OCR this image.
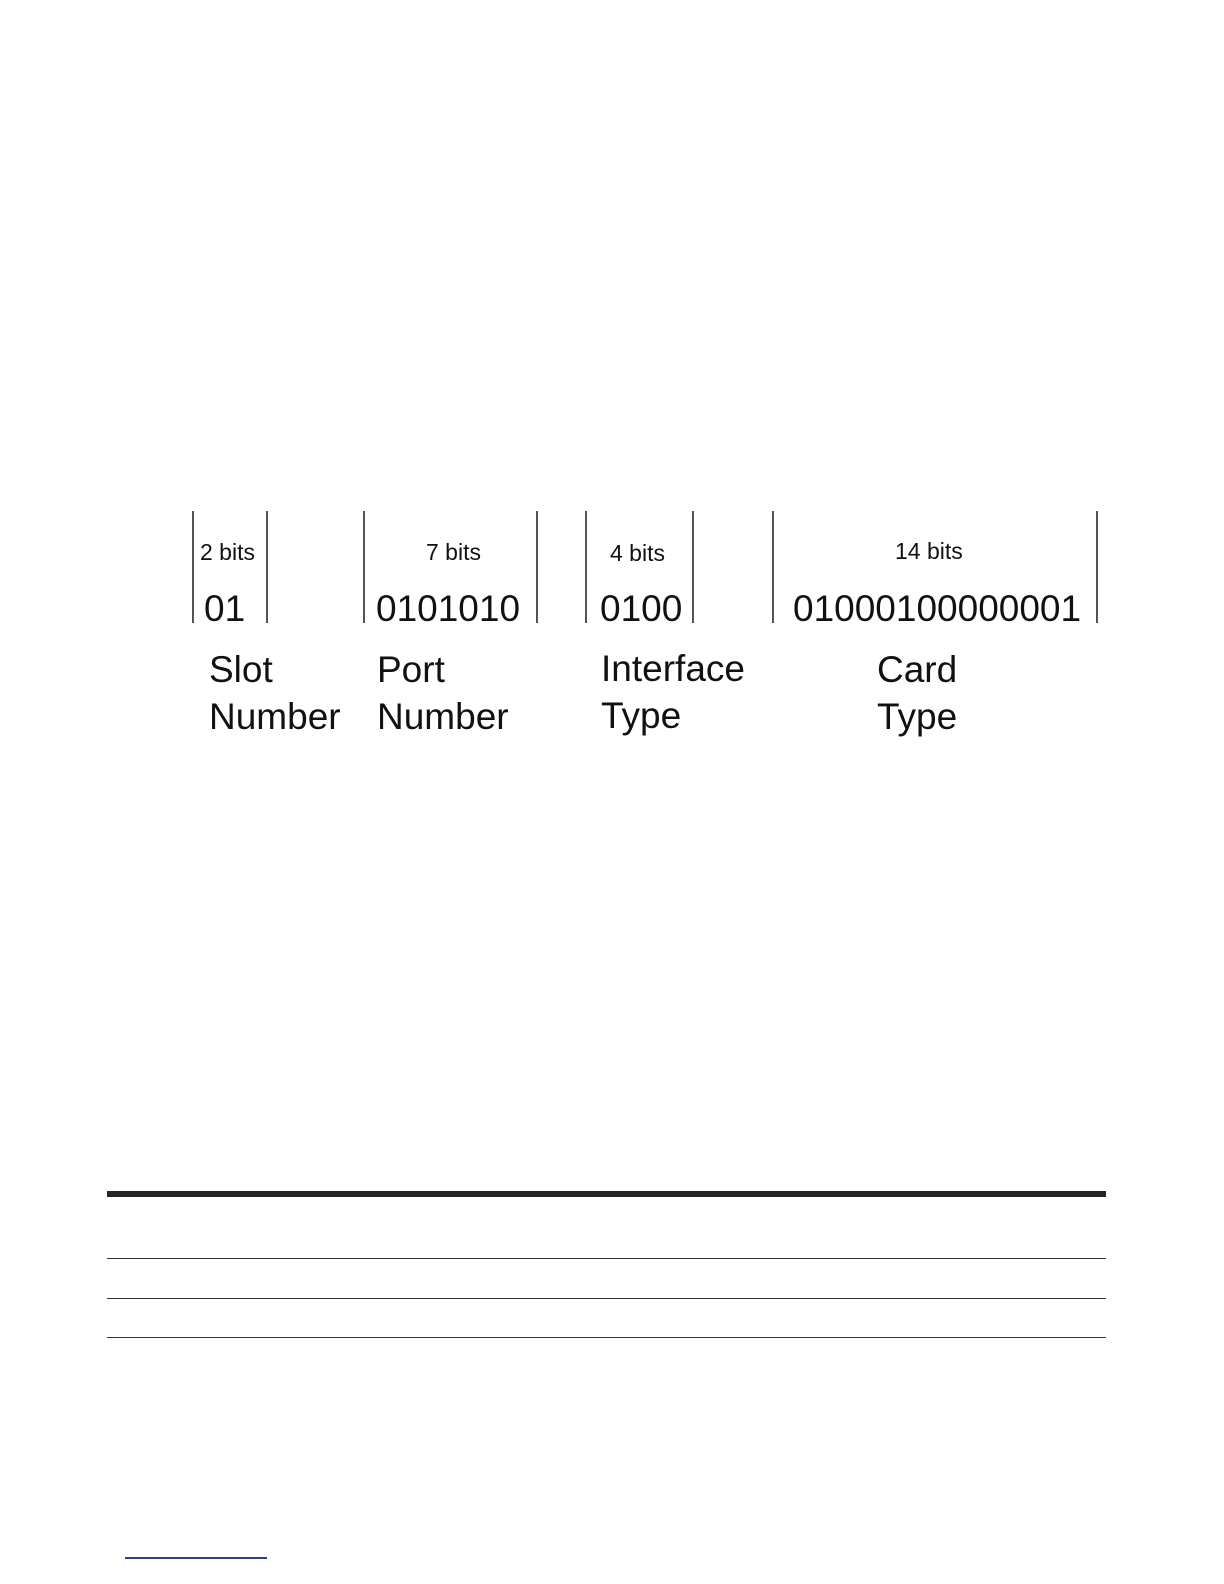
2 bits
01
Slot
Number
7 bits
0101010
Port
Number
4 bits
0100
Interface
Type
14 bits
01000100000001
Card
Type
